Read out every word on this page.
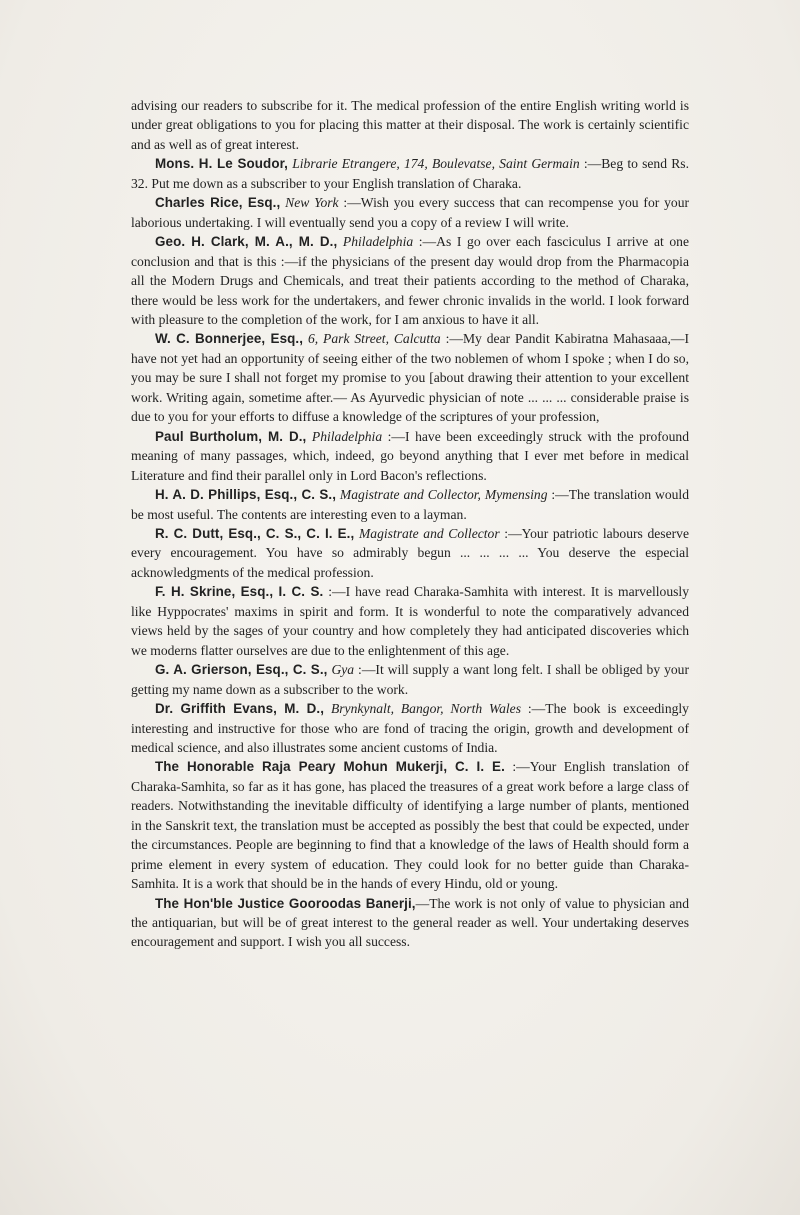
advising our readers to subscribe for it. The medical profession of the entire English writing world is under great obligations to you for placing this matter at their disposal. The work is certainly scientific and as well as of great interest.

Mons. H. Le Soudor, Librarie Etrangere, 174, Boulevatse, Saint Germain :—Beg to send Rs. 32. Put me down as a subscriber to your English translation of Charaka.

Charles Rice, Esq., New York :—Wish you every success that can recompense you for your laborious undertaking. I will eventually send you a copy of a review I will write.

Geo. H. Clark, M. A., M. D., Philadelphia :—As I go over each fasciculus I arrive at one conclusion and that is this :—if the physicians of the present day would drop from the Pharmacopia all the Modern Drugs and Chemicals, and treat their patients according to the method of Charaka, there would be less work for the undertakers, and fewer chronic invalids in the world. I look forward with pleasure to the completion of the work, for I am anxious to have it all.

W. C. Bonnerjee, Esq., 6, Park Street, Calcutta :—My dear Pandit Kabiratna Mahasaaa,—I have not yet had an opportunity of seeing either of the two noblemen of whom I spoke ; when I do so, you may be sure I shall not forget my promise to you [about drawing their attention to your excellent work. Writing again, sometime after.— As Ayurvedic physician of note ... ... ... considerable praise is due to you for your efforts to diffuse a knowledge of the scriptures of your profession,

Paul Burtholum, M. D., Philadelphia :—I have been exceedingly struck with the profound meaning of many passages, which, indeed, go beyond anything that I ever met before in medical Literature and find their parallel only in Lord Bacon's reflections.

H. A. D. Phillips, Esq., C. S., Magistrate and Collector, Mymensing :—The translation would be most useful. The contents are interesting even to a layman.

R. C. Dutt, Esq., C. S., C. I. E., Magistrate and Collector :—Your patriotic labours deserve every encouragement. You have so admirably begun ... ... ... ... You deserve the especial acknowledgments of the medical profession.

F. H. Skrine, Esq., I. C. S. :—I have read Charaka-Samhita with interest. It is marvellously like Hyppocrates' maxims in spirit and form. It is wonderful to note the comparatively advanced views held by the sages of your country and how completely they had anticipated discoveries which we moderns flatter ourselves are due to the enlightenment of this age.

G. A. Grierson, Esq., C. S., Gya :—It will supply a want long felt. I shall be obliged by your getting my name down as a subscriber to the work.

Dr. Griffith Evans, M. D., Brynkynalt, Bangor, North Wales :—The book is exceedingly interesting and instructive for those who are fond of tracing the origin, growth and development of medical science, and also illustrates some ancient customs of India.

The Honorable Raja Peary Mohun Mukerji, C. I. E. :—Your English translation of Charaka-Samhita, so far as it has gone, has placed the treasures of a great work before a large class of readers. Notwithstanding the inevitable difficulty of identifying a large number of plants, mentioned in the Sanskrit text, the translation must be accepted as possibly the best that could be expected, under the circumstances. People are beginning to find that a knowledge of the laws of Health should form a prime element in every system of education. They could look for no better guide than Charaka-Samhita. It is a work that should be in the hands of every Hindu, old or young.

The Hon'ble Justice Gooroodas Banerji,—The work is not only of value to physician and the antiquarian, but will be of great interest to the general reader as well. Your undertaking deserves encouragement and support. I wish you all success.
